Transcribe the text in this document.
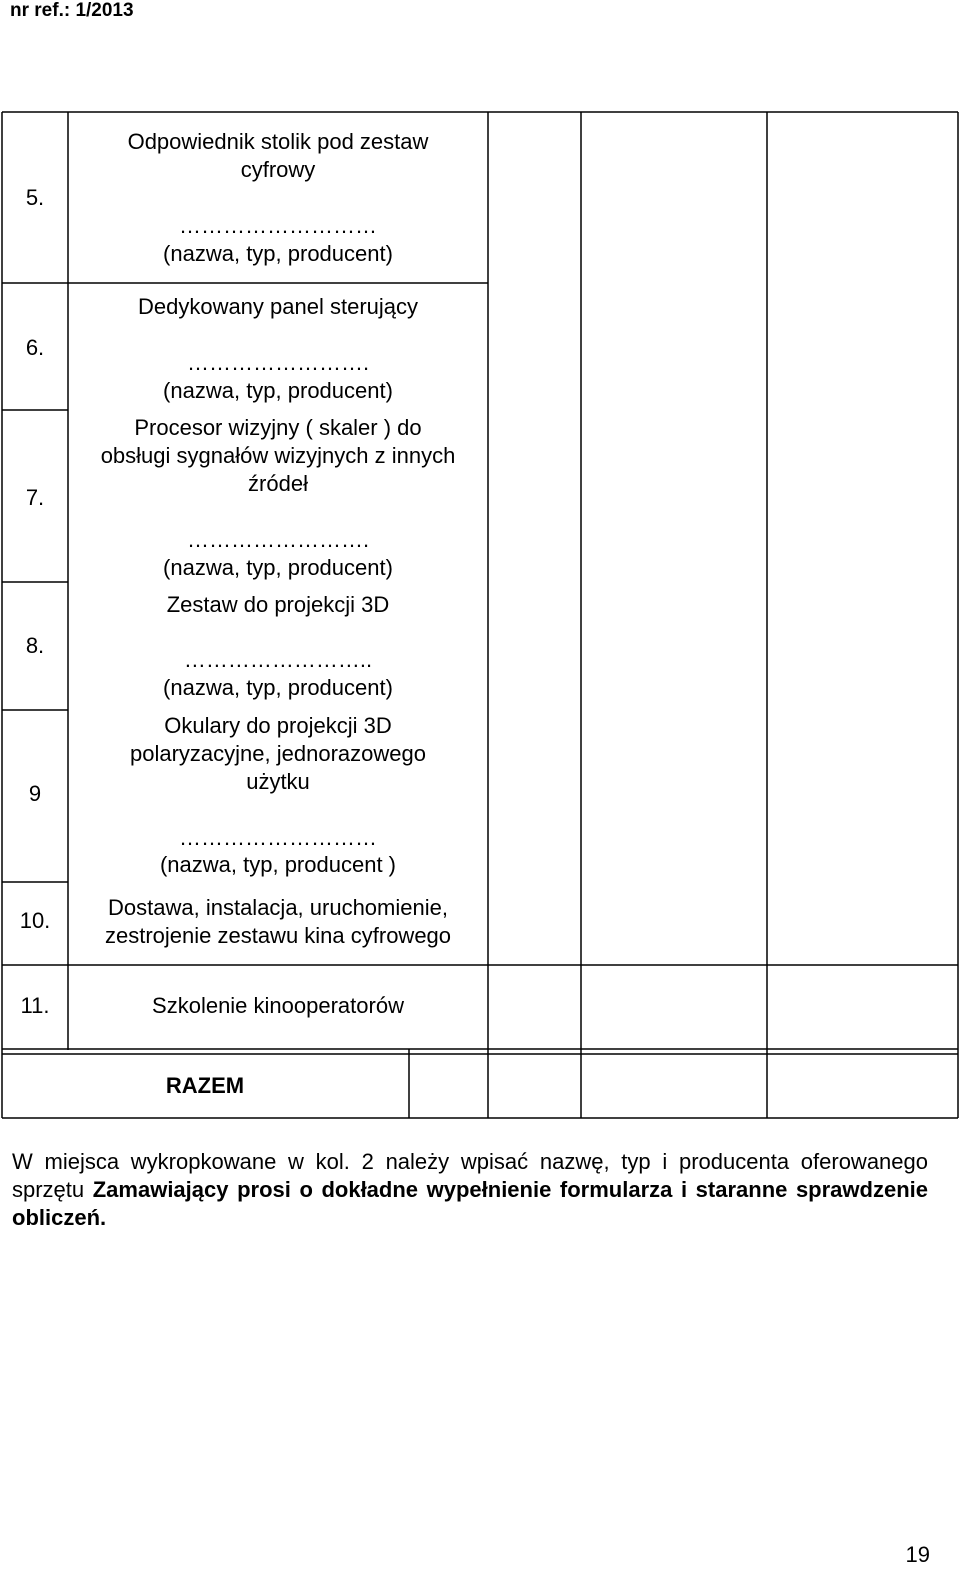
nr ref.: 1/2013
5.
6.
7.
8.
9
10.
11.
Odpowiednik stolik pod zestaw
cyfrowy
………………………
(nazwa, typ, producent)
Dedykowany panel sterujący
…………………….
(nazwa, typ, producent)
Procesor wizyjny ( skaler ) do
obsługi sygnałów wizyjnych z innych
źródeł
…………………….
(nazwa, typ, producent)
Zestaw do projekcji 3D
……………………..
(nazwa, typ, producent)
Okulary do projekcji 3D
polaryzacyjne, jednorazowego
użytku
………………………
(nazwa, typ, producent )
Dostawa, instalacja, uruchomienie,
zestrojenie zestawu kina cyfrowego
Szkolenie kinooperatorów
RAZEM
W miejsca wykropkowane w kol. 2 należy wpisać nazwę, typ i producenta oferowanego sprzętu Zamawiający prosi o dokładne wypełnienie formularza i staranne sprawdzenie obliczeń.
19
